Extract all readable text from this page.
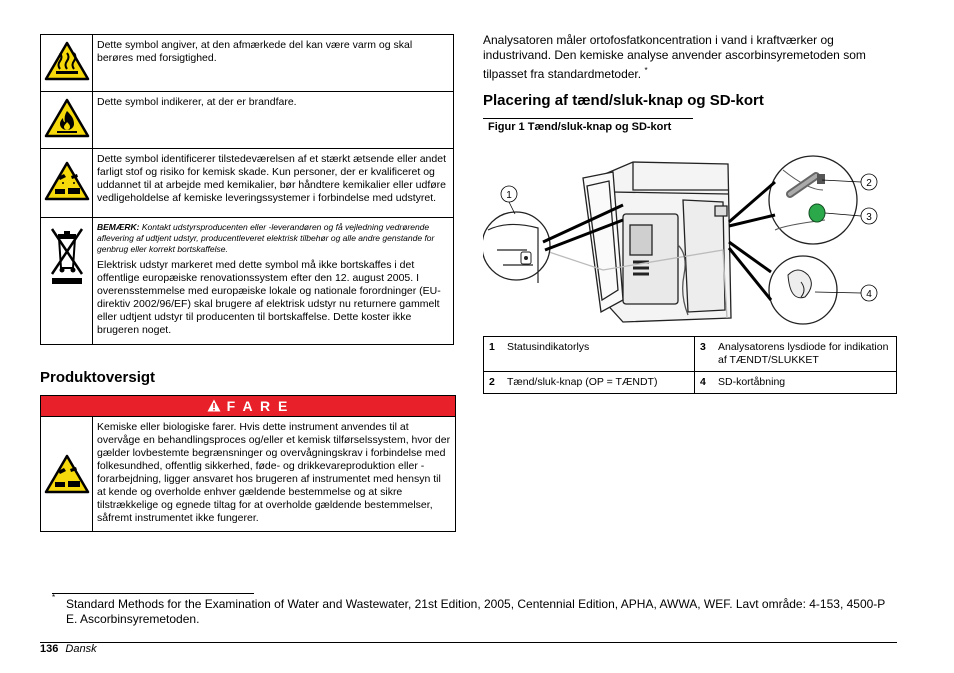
	Dette symbol angiver, at den afmærkede del kan være varm og skal berøres med forsigtighed.
	Dette symbol indikerer, at der er brandfare.
	Dette symbol identificerer tilstedeværelsen af et stærkt ætsende eller andet farligt stof og risiko for kemisk skade. Kun personer, der er kvalificeret og uddannet til at arbejde med kemikalier, bør håndtere kemikalier eller udføre vedligeholdelse af kemiske leveringssystemer i forbindelse med udstyret.

BEMÆRK: Kontakt udstyrsproducenten eller -leverandøren og få vejledning vedrørende aflevering af udtjent udstyr, producentleveret elektrisk tilbehør og alle andre genstande for genbrug eller korrekt bortskaffelse.
Elektrisk udstyr markeret med dette symbol må ikke bortskaffes i det offentlige europæiske renovationssystem efter den 12. august 2005. I overensstemmelse med europæiske lokale og nationale forordninger (EU-direktiv 2002/96/EF) skal brugere af elektrisk udstyr nu returnere gammelt eller udtjent udstyr til producenten til bortskaffelse. Dette koster ikke brugeren noget.
Produktoversigt
F A R E
Kemiske eller biologiske farer. Hvis dette instrument anvendes til at overvåge en behandlingsproces og/eller et kemisk tilførselssystem, hvor der gælder lovbestemte begrænsninger og overvågningskrav i forbindelse med folkesundhed, offentlig sikkerhed, føde- og drikkevareproduktion eller -forarbejdning, ligger ansvaret hos brugeren af instrumentet med hensyn til at kende og overholde enhver gældende bestemmelse og at sikre tilstrækkelige og egnede tiltag for at overholde gældende bestemmelser, såfremt instrumentet ikke fungerer.
Analysatoren måler ortofosfatkoncentration i vand i kraftværker og industrivand. Den kemiske analyse anvender ascorbinsyremetoden som tilpasset fra standardmetoder. *
Placering af tænd/sluk-knap og SD-kort
Figur 1 Tænd/sluk-knap og SD-kort
1
2
3
4
1	Statusindikatorlys	3	Analysatorens lysdiode for indikation af TÆNDT/SLUKKET
2	Tænd/sluk-knap (OP = TÆNDT)	4	SD-kortåbning
* Standard Methods for the Examination of Water and Wastewater, 21st Edition, 2005, Centennial Edition, APHA, AWWA, WEF. Lavt område: 4-153, 4500-P E. Ascorbinsyremetoden.
136 Dansk
